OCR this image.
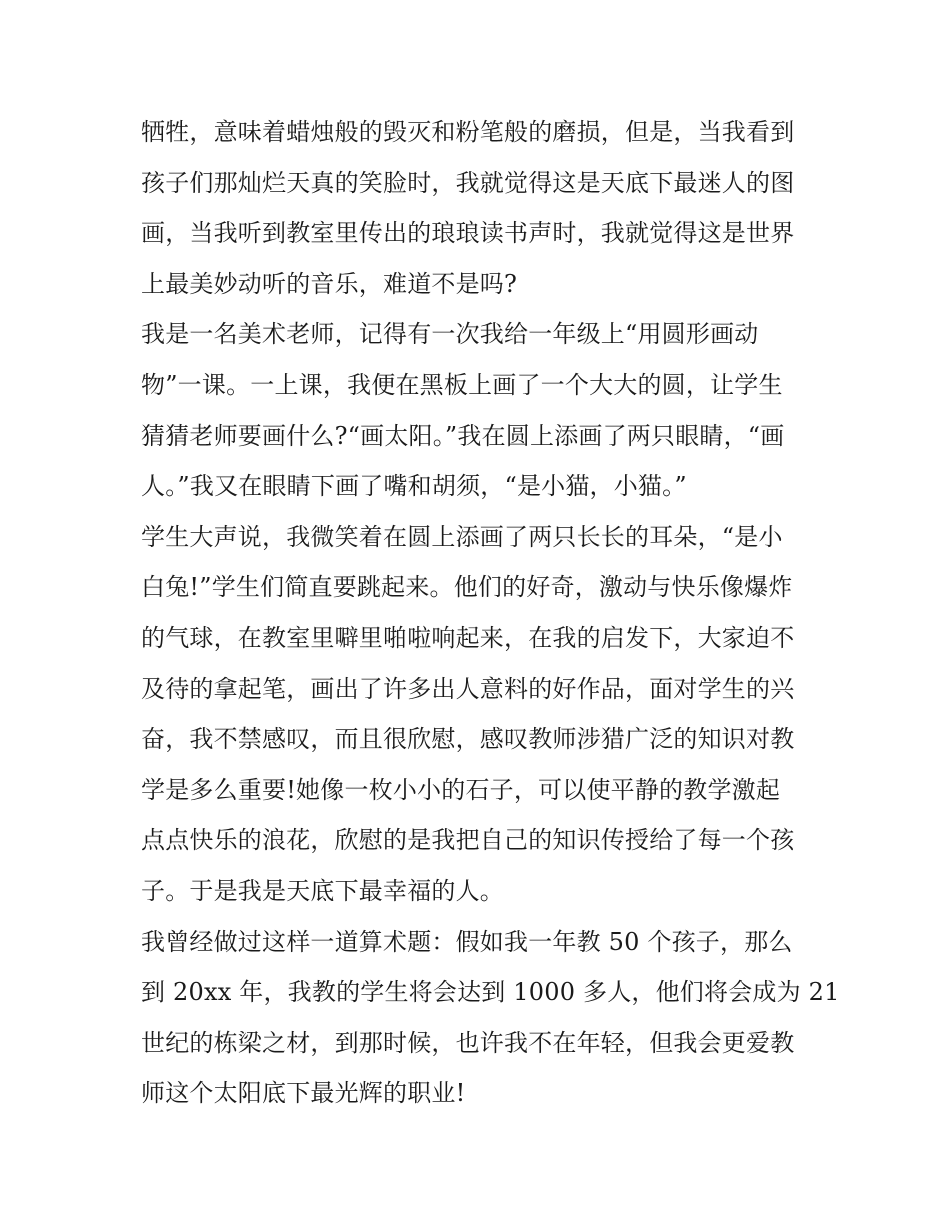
牺牲，意味着蜡烛般的毁灭和粉笔般的磨损，但是，当我看到
孩子们那灿烂天真的笑脸时，我就觉得这是天底下最迷人的图
画，当我听到教室里传出的琅琅读书声时，我就觉得这是世界
上最美妙动听的音乐，难道不是吗?
我是一名美术老师，记得有一次我给一年级上“用圆形画动
物”一课。一上课，我便在黑板上画了一个大大的圆，让学生
猜猜老师要画什么?“画太阳。”我在圆上添画了两只眼睛，“画
人。”我又在眼睛下画了嘴和胡须，“是小猫，小猫。”
学生大声说，我微笑着在圆上添画了两只长长的耳朵，“是小
白兔!”学生们简直要跳起来。他们的好奇，激动与快乐像爆炸
的气球，在教室里噼里啪啦响起来，在我的启发下，大家迫不
及待的拿起笔，画出了许多出人意料的好作品，面对学生的兴
奋，我不禁感叹，而且很欣慰，感叹教师涉猎广泛的知识对教
学是多么重要!她像一枚小小的石子，可以使平静的教学激起
点点快乐的浪花，欣慰的是我把自己的知识传授给了每一个孩
子。于是我是天底下最幸福的人。
我曾经做过这样一道算术题：假如我一年教 50 个孩子，那么
到 20xx 年，我教的学生将会达到 1000 多人，他们将会成为 21
世纪的栋梁之材，到那时候，也许我不在年轻，但我会更爱教
师这个太阳底下最光辉的职业!
